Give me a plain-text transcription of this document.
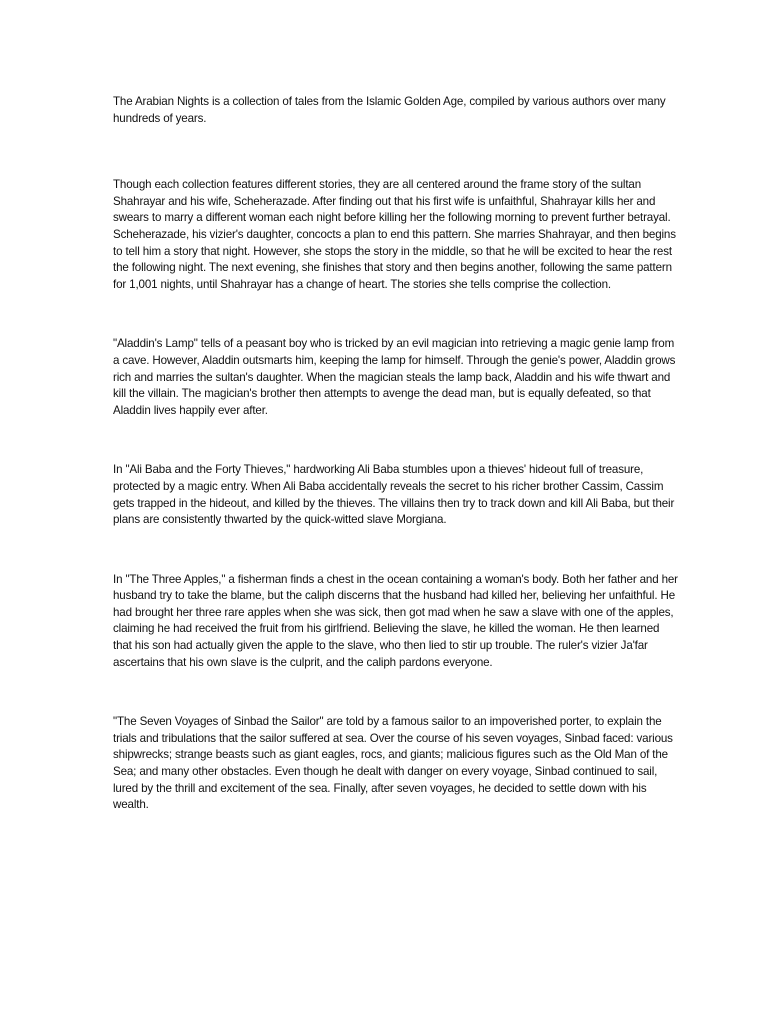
The Arabian Nights is a collection of tales from the Islamic Golden Age, compiled by various authors over many hundreds of years.

Though each collection features different stories, they are all centered around the frame story of the sultan Shahrayar and his wife, Scheherazade. After finding out that his first wife is unfaithful, Shahrayar kills her and swears to marry a different woman each night before killing her the following morning to prevent further betrayal. Scheherazade, his vizier's daughter, concocts a plan to end this pattern. She marries Shahrayar, and then begins to tell him a story that night. However, she stops the story in the middle, so that he will be excited to hear the rest the following night. The next evening, she finishes that story and then begins another, following the same pattern for 1,001 nights, until Shahrayar has a change of heart. The stories she tells comprise the collection.

"Aladdin's Lamp" tells of a peasant boy who is tricked by an evil magician into retrieving a magic genie lamp from a cave. However, Aladdin outsmarts him, keeping the lamp for himself. Through the genie's power, Aladdin grows rich and marries the sultan's daughter. When the magician steals the lamp back, Aladdin and his wife thwart and kill the villain. The magician's brother then attempts to avenge the dead man, but is equally defeated, so that Aladdin lives happily ever after.

In "Ali Baba and the Forty Thieves," hardworking Ali Baba stumbles upon a thieves' hideout full of treasure, protected by a magic entry. When Ali Baba accidentally reveals the secret to his richer brother Cassim, Cassim gets trapped in the hideout, and killed by the thieves. The villains then try to track down and kill Ali Baba, but their plans are consistently thwarted by the quick-witted slave Morgiana.

In "The Three Apples," a fisherman finds a chest in the ocean containing a woman's body. Both her father and her husband try to take the blame, but the caliph discerns that the husband had killed her, believing her unfaithful. He had brought her three rare apples when she was sick, then got mad when he saw a slave with one of the apples, claiming he had received the fruit from his girlfriend. Believing the slave, he killed the woman. He then learned that his son had actually given the apple to the slave, who then lied to stir up trouble. The ruler's vizier Ja'far ascertains that his own slave is the culprit, and the caliph pardons everyone.

"The Seven Voyages of Sinbad the Sailor" are told by a famous sailor to an impoverished porter, to explain the trials and tribulations that the sailor suffered at sea. Over the course of his seven voyages, Sinbad faced: various shipwrecks; strange beasts such as giant eagles, rocs, and giants; malicious figures such as the Old Man of the Sea; and many other obstacles. Even though he dealt with danger on every voyage, Sinbad continued to sail, lured by the thrill and excitement of the sea. Finally, after seven voyages, he decided to settle down with his wealth.
